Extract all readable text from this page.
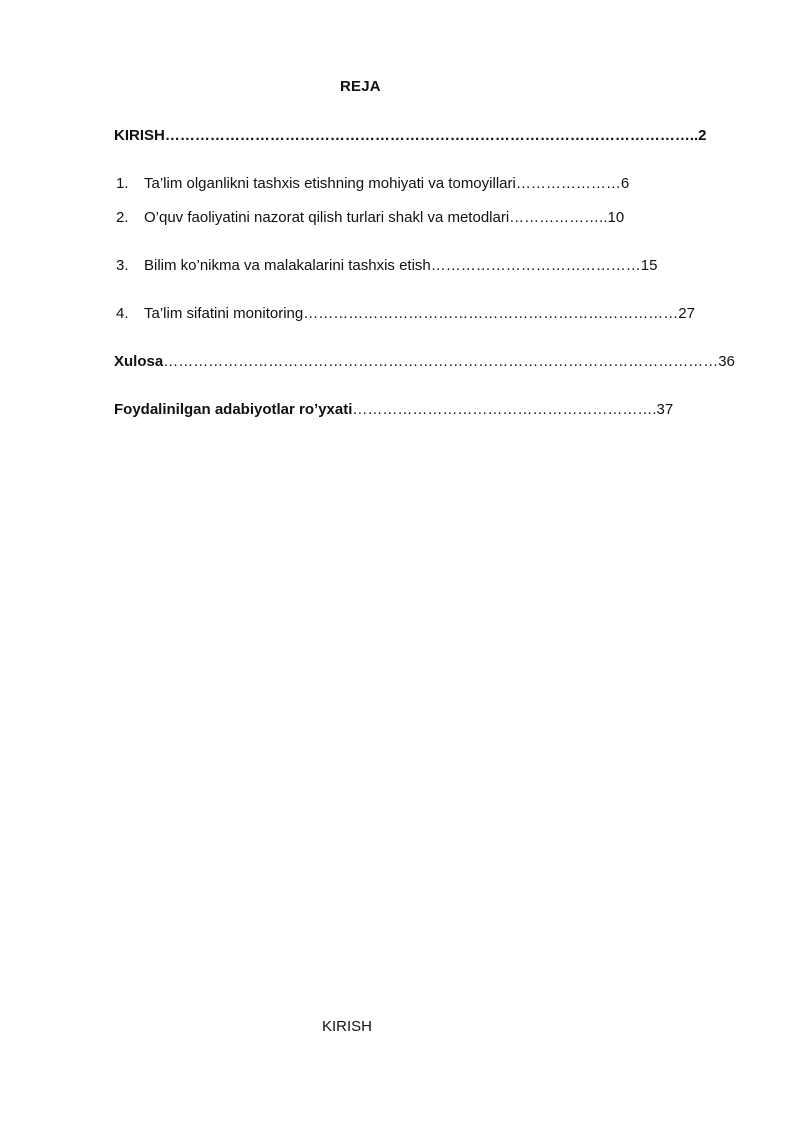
REJA
KIRISH……………………………………………………………………………………………..2
1. Ta’lim olganlikni tashxis etishning mohiyati va tomoyillari…………………6
2. O’quv faoliyatini nazorat qilish turlari shakl va metodlari………………..10
3. Bilim ko’nikma va malakalarini tashxis etish……………………………………15
4. Ta’lim sifatini monitoring…………………………………………………………………27
Xulosa…………………………………………………………………………………………………36
Foydalinilgan adabiyotlar ro’yxati…………………………………………………….37
KIRISH
